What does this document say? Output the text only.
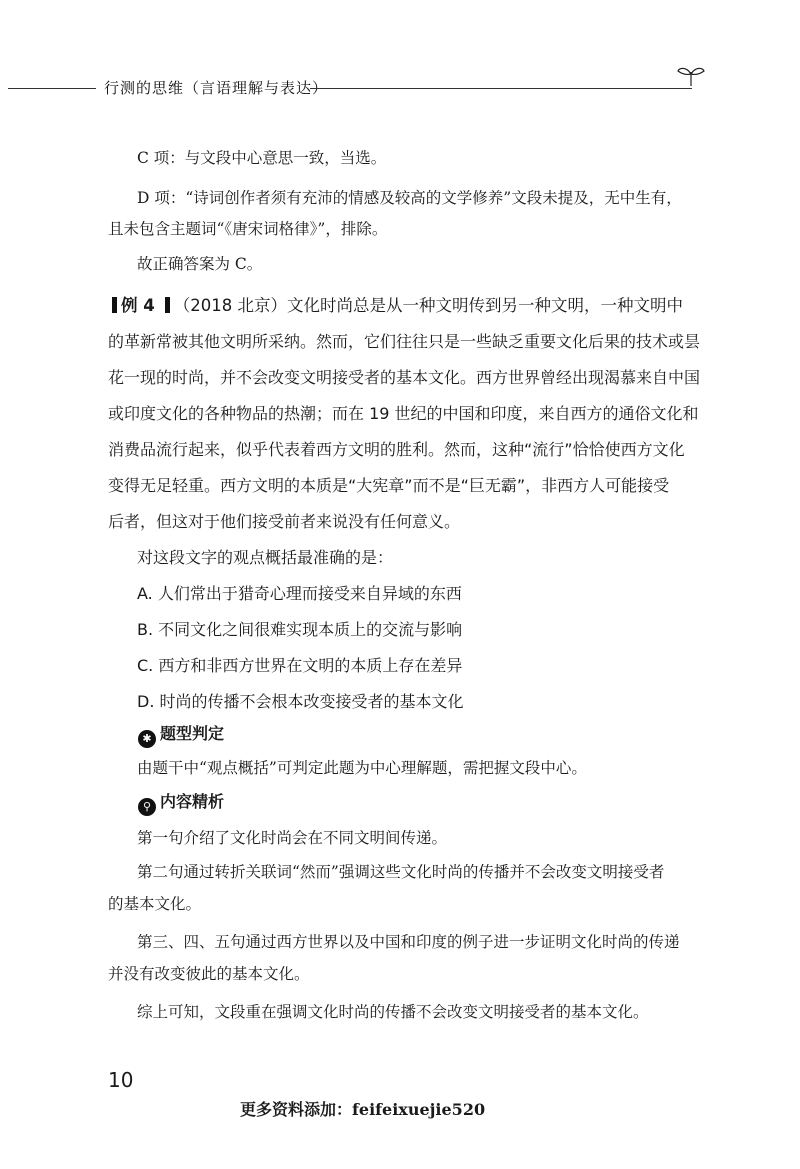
行测的思维（言语理解与表达）
C 项：与文段中心意思一致，当选。
D 项：“诗词创作者须有充沛的情感及较高的文学修养”文段未提及，无中生有，
且未包含主题词“《唐宋词格律》”，排除。
故正确答案为 C。
例 4 （2018 北京）文化时尚总是从一种文明传到另一种文明，一种文明中
的革新常被其他文明所采纳。然而，它们往往只是一些缺乏重要文化后果的技术或昙
花一现的时尚，并不会改变文明接受者的基本文化。西方世界曾经出现渴慕来自中国
或印度文化的各种物品的热潮；而在 19 世纪的中国和印度，来自西方的通俗文化和
消费品流行起来，似乎代表着西方文明的胜利。然而，这种“流行”恰恰使西方文化
变得无足轻重。西方文明的本质是“大宪章”而不是“巨无霸”，非西方人可能接受
后者，但这对于他们接受前者来说没有任何意义。
对这段文字的观点概括最准确的是：
A. 人们常出于猎奇心理而接受来自异域的东西
B. 不同文化之间很难实现本质上的交流与影响
C. 西方和非西方世界在文明的本质上存在差异
D. 时尚的传播不会根本改变接受者的基本文化
✱ 题型判定
由题干中“观点概括”可判定此题为中心理解题，需把握文段中心。
⚲ 内容精析
第一句介绍了文化时尚会在不同文明间传递。
第二句通过转折关联词“然而”强调这些文化时尚的传播并不会改变文明接受者
的基本文化。
第三、四、五句通过西方世界以及中国和印度的例子进一步证明文化时尚的传递
并没有改变彼此的基本文化。
综上可知，文段重在强调文化时尚的传播不会改变文明接受者的基本文化。
10
更多资料添加：feifeixuejie520
